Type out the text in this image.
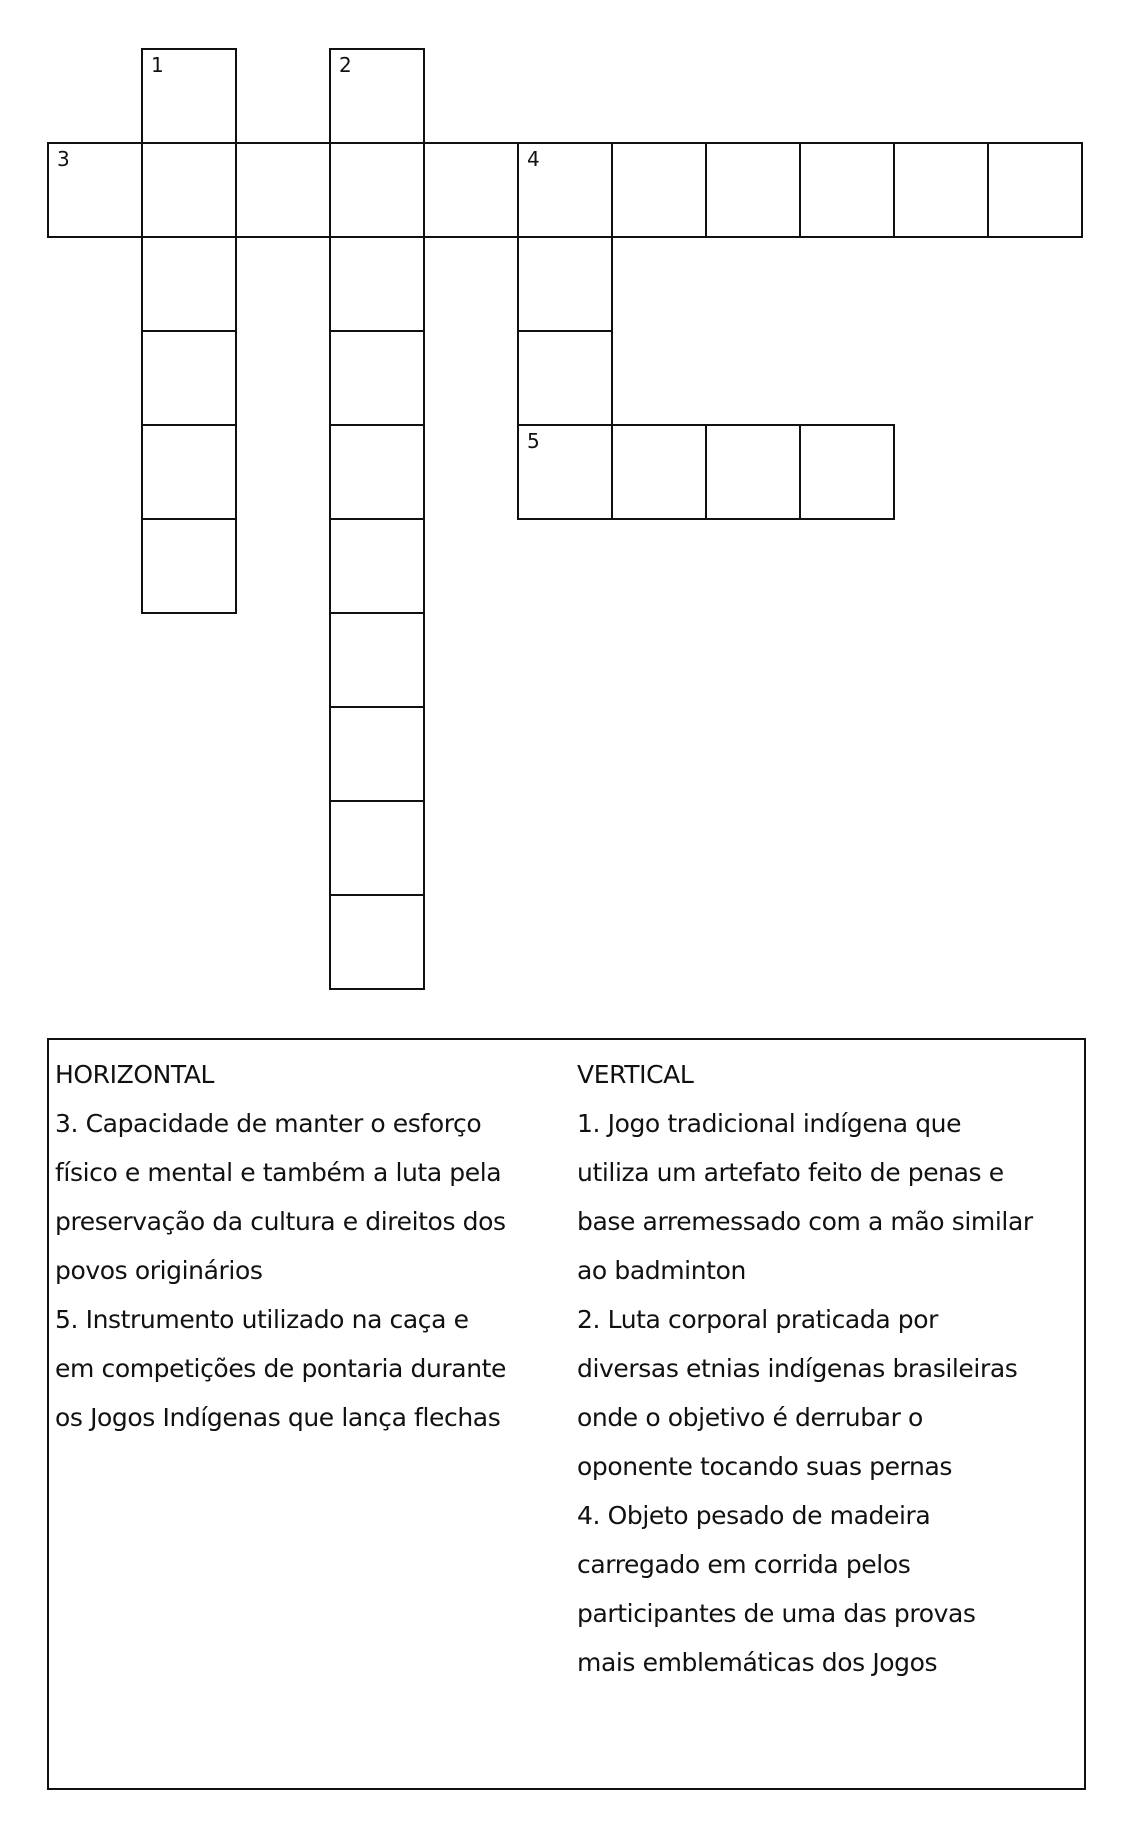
1	2
3	4
5
HORIZONTAL
3. Capacidade de manter o esforço
físico e mental e também a luta pela
preservação da cultura e direitos dos
povos originários
5. Instrumento utilizado na caça e
em competições de pontaria durante
os Jogos Indígenas que lança flechas
VERTICAL
1. Jogo tradicional indígena que
utiliza um artefato feito de penas e
base arremessado com a mão similar
ao badminton
2. Luta corporal praticada por
diversas etnias indígenas brasileiras
onde o objetivo é derrubar o
oponente tocando suas pernas
4. Objeto pesado de madeira
carregado em corrida pelos
participantes de uma das provas
mais emblemáticas dos Jogos
